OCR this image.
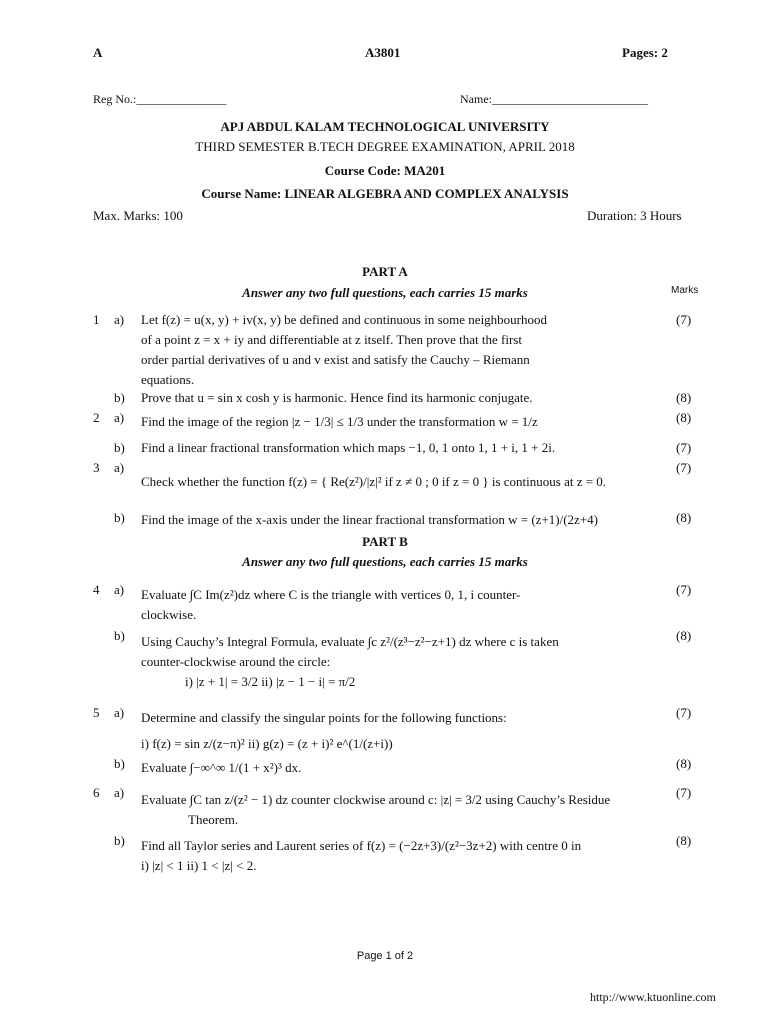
A	A3801	Pages: 2
Reg No.:_______________	Name:__________________________
APJ ABDUL KALAM TECHNOLOGICAL UNIVERSITY
THIRD SEMESTER B.TECH DEGREE EXAMINATION, APRIL 2018
Course Code: MA201
Course Name: LINEAR ALGEBRA AND COMPLEX ANALYSIS
Max. Marks: 100	Duration: 3 Hours
PART A
Answer any two full questions, each carries 15 marks	Marks
1 a) Let f(z) = u(x, y) + iv(x, y) be defined and continuous in some neighbourhood
of a point z = x + iy and differentiable at z itself. Then prove that the first
order partial derivatives of u and v exist and satisfy the Cauchy – Riemann
equations.
(7)
b) Prove that u = sin x cosh y is harmonic. Hence find its harmonic conjugate.	(8)
2 a) Find the image of the region |z − 1/3| ≤ 1/3 under the transformation w = 1/z	(8)
b) Find a linear fractional transformation which maps −1, 0, 1 onto 1, 1 + i, 1 + 2i.	(7)
3 a)
Check whether the function f(z) = { Re(z²)/|z|² if z ≠ 0 ; 0 if z = 0 } is continuous at z = 0.
(7)
b) Find the image of the x-axis under the linear fractional transformation w = (z+1)/(2z+4)	(8)
PART B
Answer any two full questions, each carries 15 marks
4 a) Evaluate ∫C Im(z²)dz where C is the triangle with vertices 0, 1, i counter-
clockwise.
(7)
b) Using Cauchy’s Integral Formula, evaluate ∫c z²/(z³−z²−z+1) dz where c is taken
counter-clockwise around the circle:
i) |z + 1| = 3/2 ii) |z − 1 − i| = π/2
(8)
5 a) Determine and classify the singular points for the following functions:
i) f(z) = sin z/(z−π)² ii) g(z) = (z + i)² e^(1/(z+i))
(7)
b) Evaluate ∫−∞^∞ 1/(1 + x²)³ dx.	(8)
6 a) Evaluate ∫C tan z/(z² − 1) dz counter clockwise around c: |z| = 3/2 using Cauchy’s Residue
Theorem.
(7)
b) Find all Taylor series and Laurent series of f(z) = (−2z+3)/(z²−3z+2) with centre 0 in
i) |z| < 1 ii) 1 < |z| < 2.
(8)
Page 1 of 2
http://www.ktuonline.com
